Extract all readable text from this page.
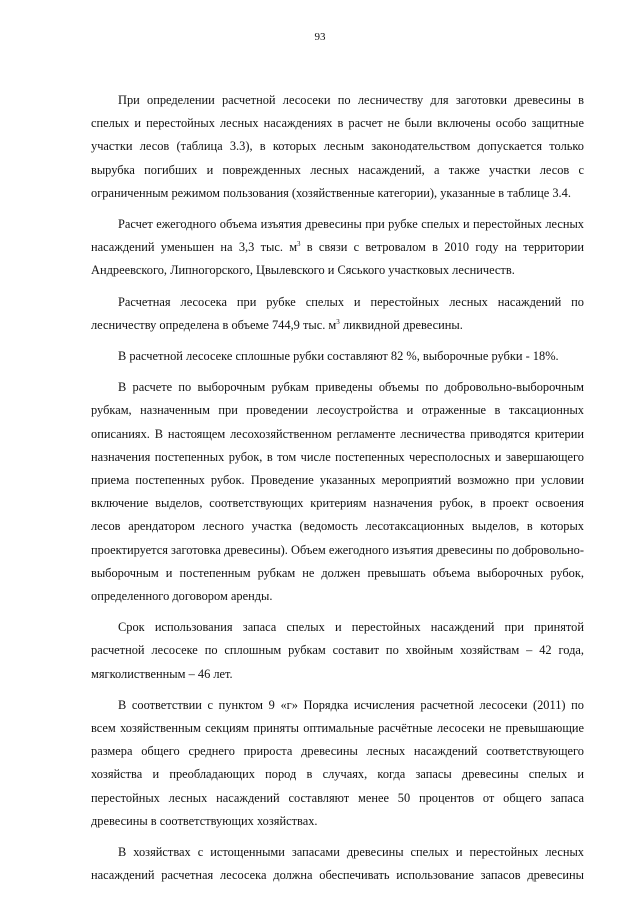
93

При определении расчетной лесосеки по лесничеству для заготовки древесины в спелых и перестойных лесных насаждениях в расчет не были включены особо защитные участки лесов (таблица 3.3), в которых лесным законодательством допускается только вырубка погибших и поврежденных лесных насаждений, а также участки лесов с ограниченным режимом пользования (хозяйственные категории), указанные в таблице 3.4.

Расчет ежегодного объема изъятия древесины при рубке спелых и перестойных лесных насаждений уменьшен на 3,3 тыс. $м^3$ в связи с ветровалом в 2010 году на территории Андреевского, Липногорского, Цвылевского и Сяського участковых лесничеств.

Расчетная лесосека при рубке спелых и перестойных лесных насаждений по лесничеству определена в объеме 744,9 тыс. $м^3$ ликвидной древесины.

В расчетной лесосеке сплошные рубки составляют 82 %, выборочные рубки - 18%.

В расчете по выборочным рубкам приведены объемы по добровольно-выборочным рубкам, назначенным при проведении лесоустройства и отраженные в таксационных описаниях. В настоящем лесохозяйственном регламенте лесничества приводятся критерии назначения постепенных рубок, в том числе постепенных чересполосных и завершающего приема постепенных рубок. Проведение указанных мероприятий возможно при условии включение выделов, соответствующих критериям назначения рубок, в проект освоения лесов арендатором лесного участка (ведомость лесотаксационных выделов, в которых проектируется заготовка древесины). Объем ежегодного изъятия древесины по добровольно-выборочным и постепенным рубкам не должен превышать объема выборочных рубок, определенного договором аренды.

Срок использования запаса спелых и перестойных насаждений при принятой расчетной лесосеке по сплошным рубкам составит по хвойным хозяйствам – 42 года, мягколиственным – 46 лет.

В соответствии с пунктом 9 «г» Порядка исчисления расчетной лесосеки (2011) по всем хозяйственным секциям приняты оптимальные расчётные лесосеки не превышающие размера общего среднего прироста древесины лесных насаждений соответствующего хозяйства и преобладающих пород в случаях, когда запасы древесины спелых и перестойных лесных насаждений составляют менее 50 процентов от общего запаса древесины в соответствующих хозяйствах.

В хозяйствах с истощенными запасами древесины спелых и перестойных лесных насаждений расчетная лесосека должна обеспечивать использование запасов древесины
